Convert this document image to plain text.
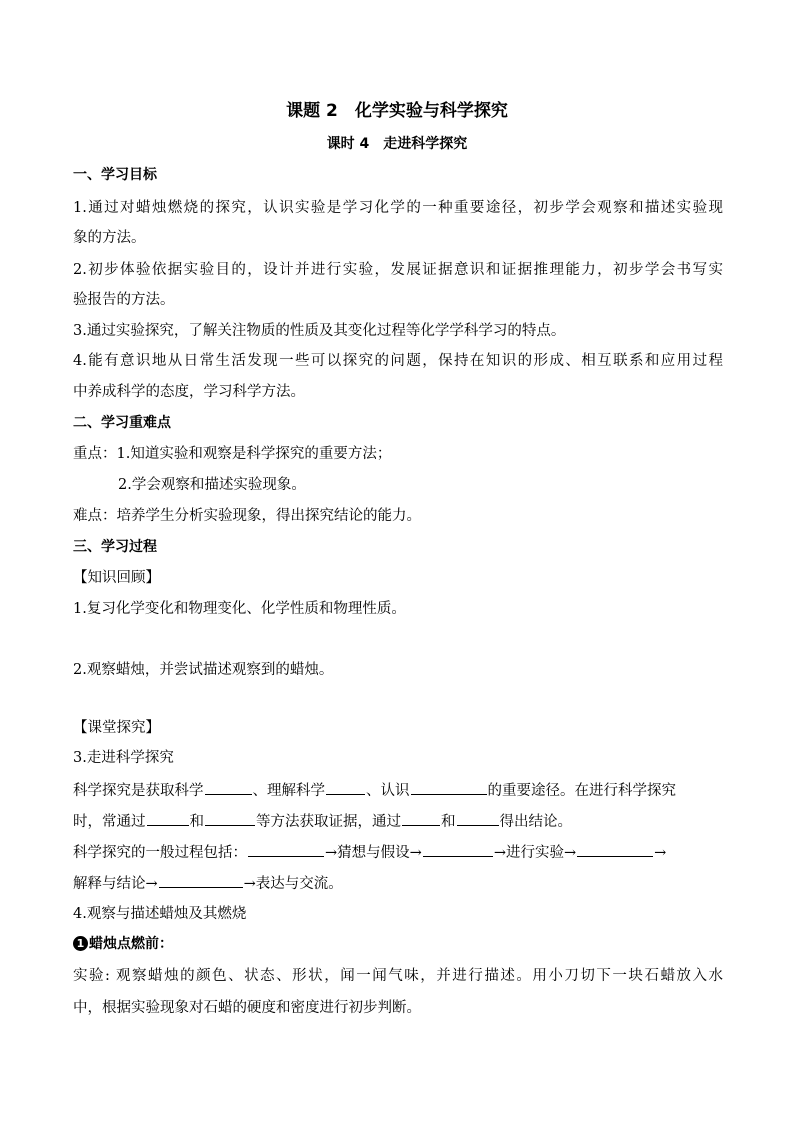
课题 2　化学实验与科学探究
课时 4　走进科学探究
一、学习目标
1.通过对蜡烛燃烧的探究，认识实验是学习化学的一种重要途径，初步学会观察和描述实验现
象的方法。
2.初步体验依据实验目的，设计并进行实验，发展证据意识和证据推理能力，初步学会书写实
验报告的方法。
3.通过实验探究，了解关注物质的性质及其变化过程等化学学科学习的特点。
4.能有意识地从日常生活发现一些可以探究的问题，保持在知识的形成、相互联系和应用过程
中养成科学的态度，学习科学方法。
二、学习重难点
重点：1.知道实验和观察是科学探究的重要方法；
2.学会观察和描述实验现象。
难点：培养学生分析实验现象，得出探究结论的能力。
三、学习过程
【知识回顾】
1.复习化学变化和物理变化、化学性质和物理性质。
2.观察蜡烛，并尝试描述观察到的蜡烛。
【课堂探究】
3.走进科学探究
科学探究是获取科学	、理解科学	、认识	的重要途径。在进行科学探究
时，常通过	和	等方法获取证据，通过	和	得出结论。
科学探究的一般过程包括：	→猜想与假设→	→进行实验→	→
解释与结论→	→表达与交流。
4.观察与描述蜡烛及其燃烧
1 蜡烛点燃前：
实验: 观察蜡烛的颜色、状态、形状，闻一闻气味，并进行描述。用小刀切下一块石蜡放入水
中，根据实验现象对石蜡的硬度和密度进行初步判断。
